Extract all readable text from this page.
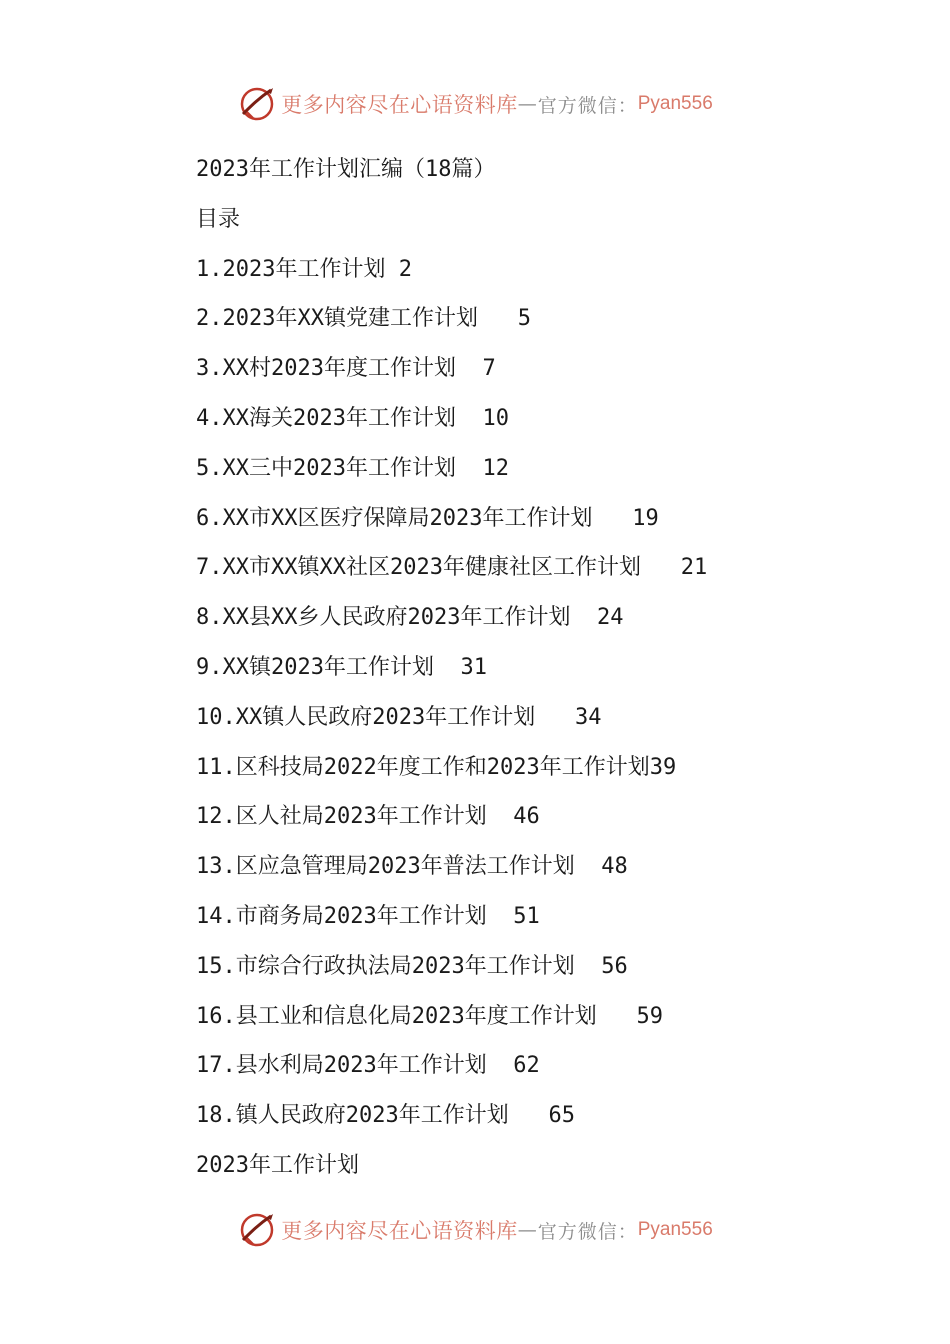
更多内容尽在心语资料库 — 官方微信： Pyan556
2023年工作计划汇编（18篇）
目录
1.2023年工作计划 2
2.2023年XX镇党建工作计划 5
3.XX村2023年度工作计划 7
4.XX海关2023年工作计划 10
5.XX三中2023年工作计划 12
6.XX市XX区医疗保障局2023年工作计划 19
7.XX市XX镇XX社区2023年健康社区工作计划 21
8.XX县XX乡人民政府2023年工作计划 24
9.XX镇2023年工作计划 31
10.XX镇人民政府2023年工作计划 34
11.区科技局2022年度工作和2023年工作计划39
12.区人社局2023年工作计划 46
13.区应急管理局2023年普法工作计划 48
14.市商务局2023年工作计划 51
15.市综合行政执法局2023年工作计划 56
16.县工业和信息化局2023年度工作计划 59
17.县水利局2023年工作计划 62
18.镇人民政府2023年工作计划 65
2023年工作计划
更多内容尽在心语资料库 — 官方微信： Pyan556
